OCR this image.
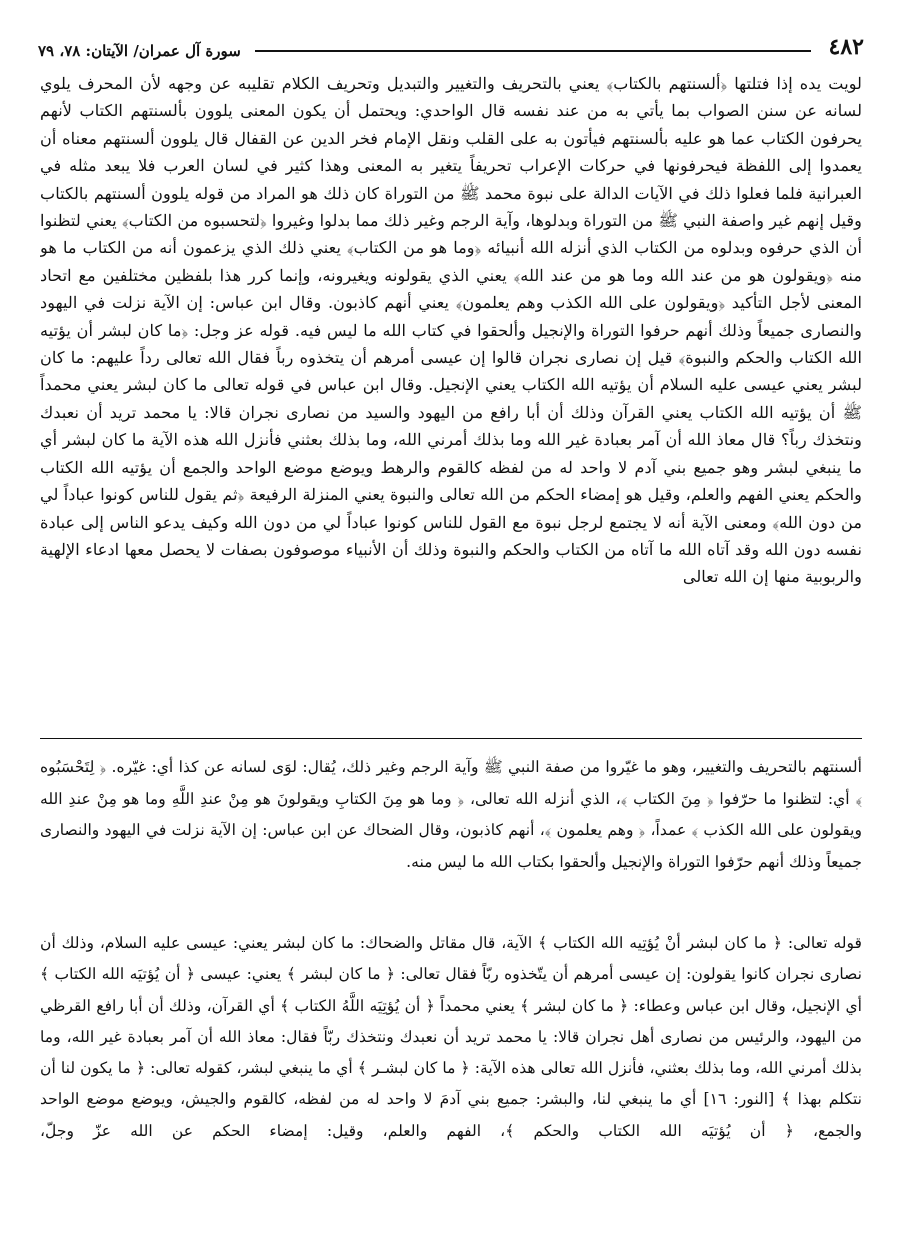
٤٨٢
سورة آل عمران/ الآيتان: ٧٨، ٧٩

لويت يده إذا فتلتها ﴿ألسنتهم بالكتاب﴾ يعني بالتحريف والتغيير والتبديل وتحريف الكلام تقليبه عن وجهه لأن المحرف يلوي لسانه عن سنن الصواب بما يأتي به من عند نفسه قال الواحدي: ويحتمل أن يكون المعنى يلوون بألسنتهم الكتاب لأنهم يحرفون الكتاب عما هو عليه بألسنتهم فيأتون به على القلب ونقل الإمام فخر الدين عن القفال قال يلوون ألسنتهم معناه أن يعمدوا إلى اللفظة فيحرفونها في حركات الإعراب تحريفاً يتغير به المعنى وهذا كثير في لسان العرب فلا يبعد مثله في العبرانية فلما فعلوا ذلك في الآيات الدالة على نبوة محمد ﷺ من التوراة كان ذلك هو المراد من قوله يلوون ألسنتهم بالكتاب وقيل إنهم غير واصفة النبي ﷺ من التوراة وبدلوها، وآية الرجم وغير ذلك مما بدلوا وغيروا ﴿لتحسبوه من الكتاب﴾ يعني لتظنوا أن الذي حرفوه وبدلوه من الكتاب الذي أنزله الله أنبيائه ﴿وما هو من الكتاب﴾ يعني ذلك الذي يزعمون أنه من الكتاب ما هو منه ﴿ويقولون هو من عند الله وما هو من عند الله﴾ يعني الذي يقولونه ويغيرونه، وإنما كرر هذا بلفظين مختلفين مع اتحاد المعنى لأجل التأكيد ﴿ويقولون على الله الكذب وهم يعلمون﴾ يعني أنهم كاذبون. وقال ابن عباس: إن الآية نزلت في اليهود والنصارى جميعاً وذلك أنهم حرفوا التوراة والإنجيل وألحقوا في كتاب الله ما ليس فيه. قوله عز وجل: ﴿ما كان لبشر أن يؤتيه الله الكتاب والحكم والنبوة﴾ قيل إن نصارى نجران قالوا إن عيسى أمرهم أن يتخذوه رباً فقال الله تعالى رداً عليهم: ما كان لبشر يعني عيسى عليه السلام أن يؤتيه الله الكتاب يعني الإنجيل. وقال ابن عباس في قوله تعالى ما كان لبشر يعني محمداً ﷺ أن يؤتيه الله الكتاب يعني القرآن وذلك أن أبا رافع من اليهود والسيد من نصارى نجران قالا: يا محمد تريد أن نعبدك ونتخذك رباً؟ قال معاذ الله أن آمر بعبادة غير الله وما بذلك أمرني الله، وما بذلك بعثني فأنزل الله هذه الآية ما كان لبشر أي ما ينبغي لبشر وهو جميع بني آدم لا واحد له من لفظه كالقوم والرهط ويوضع موضع الواحد والجمع أن يؤتيه الله الكتاب والحكم يعني الفهم والعلم، وقيل هو إمضاء الحكم من الله تعالى والنبوة يعني المنزلة الرفيعة ﴿ثم يقول للناس كونوا عباداً لي من دون الله﴾ ومعنى الآية أنه لا يجتمع لرجل نبوة مع القول للناس كونوا عباداً لي من دون الله وكيف يدعو الناس إلى عبادة نفسه دون الله وقد آتاه الله ما آتاه من الكتاب والحكم والنبوة وذلك أن الأنبياء موصوفون بصفات لا يحصل معها ادعاء الإلهية والربوبية منها إن الله تعالى

ألسنتهم بالتحريف والتغيير، وهو ما غيّروا من صفة النبي ﷺ وآية الرجم وغير ذلك، يُقال: لوَى لسانه عن كذا أي: غيّره. ﴿ لِتَحْسَبُوه ﴾ أي: لتظنوا ما حرّفوا ﴿ مِنَ الكتاب ﴾، الذي أنزله الله تعالى، ﴿ وما هو مِنَ الكتابِ ويقولونَ هو مِنْ عندِ اللَّهِ وما هو مِنْ عندِ الله ويقولون على الله الكذب ﴾ عمداً، ﴿ وهم يعلمون ﴾، أنهم كاذبون، وقال الضحاك عن ابن عباس: إن الآية نزلت في اليهود والنصارى جميعاً وذلك أنهم حرّفوا التوراة والإنجيل وألحقوا بكتاب الله ما ليس منه.

قوله تعالى: ﴿ ما كان لبشر أنْ يُؤتِيه الله الكتاب ﴾ الآية، قال مقاتل والضحاك: ما كان لبشر يعني: عيسى عليه السلام، وذلك أن نصارى نجران كانوا يقولون: إن عيسى أمرهم أن يتّخذوه ربّاً فقال تعالى: ﴿ ما كان لبشر ﴾ يعني: عيسى ﴿ أن يُؤتيَه الله الكتاب ﴾ أي الإنجيل، وقال ابن عباس وعطاء: ﴿ ما كان لبشر ﴾ يعني محمداً ﴿ أن يُؤتِيَه اللَّهُ الكتاب ﴾ أي القرآن، وذلك أن أبا رافع القرظي من اليهود، والرئيس من نصارى أهل نجران قالا: يا محمد تريد أن نعبدك ونتخذك ربّاً فقال: معاذ الله أن آمر بعبادة غير الله، وما بذلك أمرني الله، وما بذلك بعثني، فأنزل الله تعالى هذه الآية: ﴿ ما كان لبشـر ﴾ أي ما ينبغي لبشر، كقوله تعالى: ﴿ ما يكون لنا أن نتكلم بهذا ﴾ [النور: ١٦] أي ما ينبغي لنا، والبشر: جميع بني آدمَ لا واحد له من لفظه، كالقوم والجيش، ويوضع موضع الواحد والجمع، ﴿ أن يُؤتيَه الله الكتاب والحكم ﴾، الفهم والعلم، وقيل: إمضاء الحكم عن الله عزّ وجلّ،
